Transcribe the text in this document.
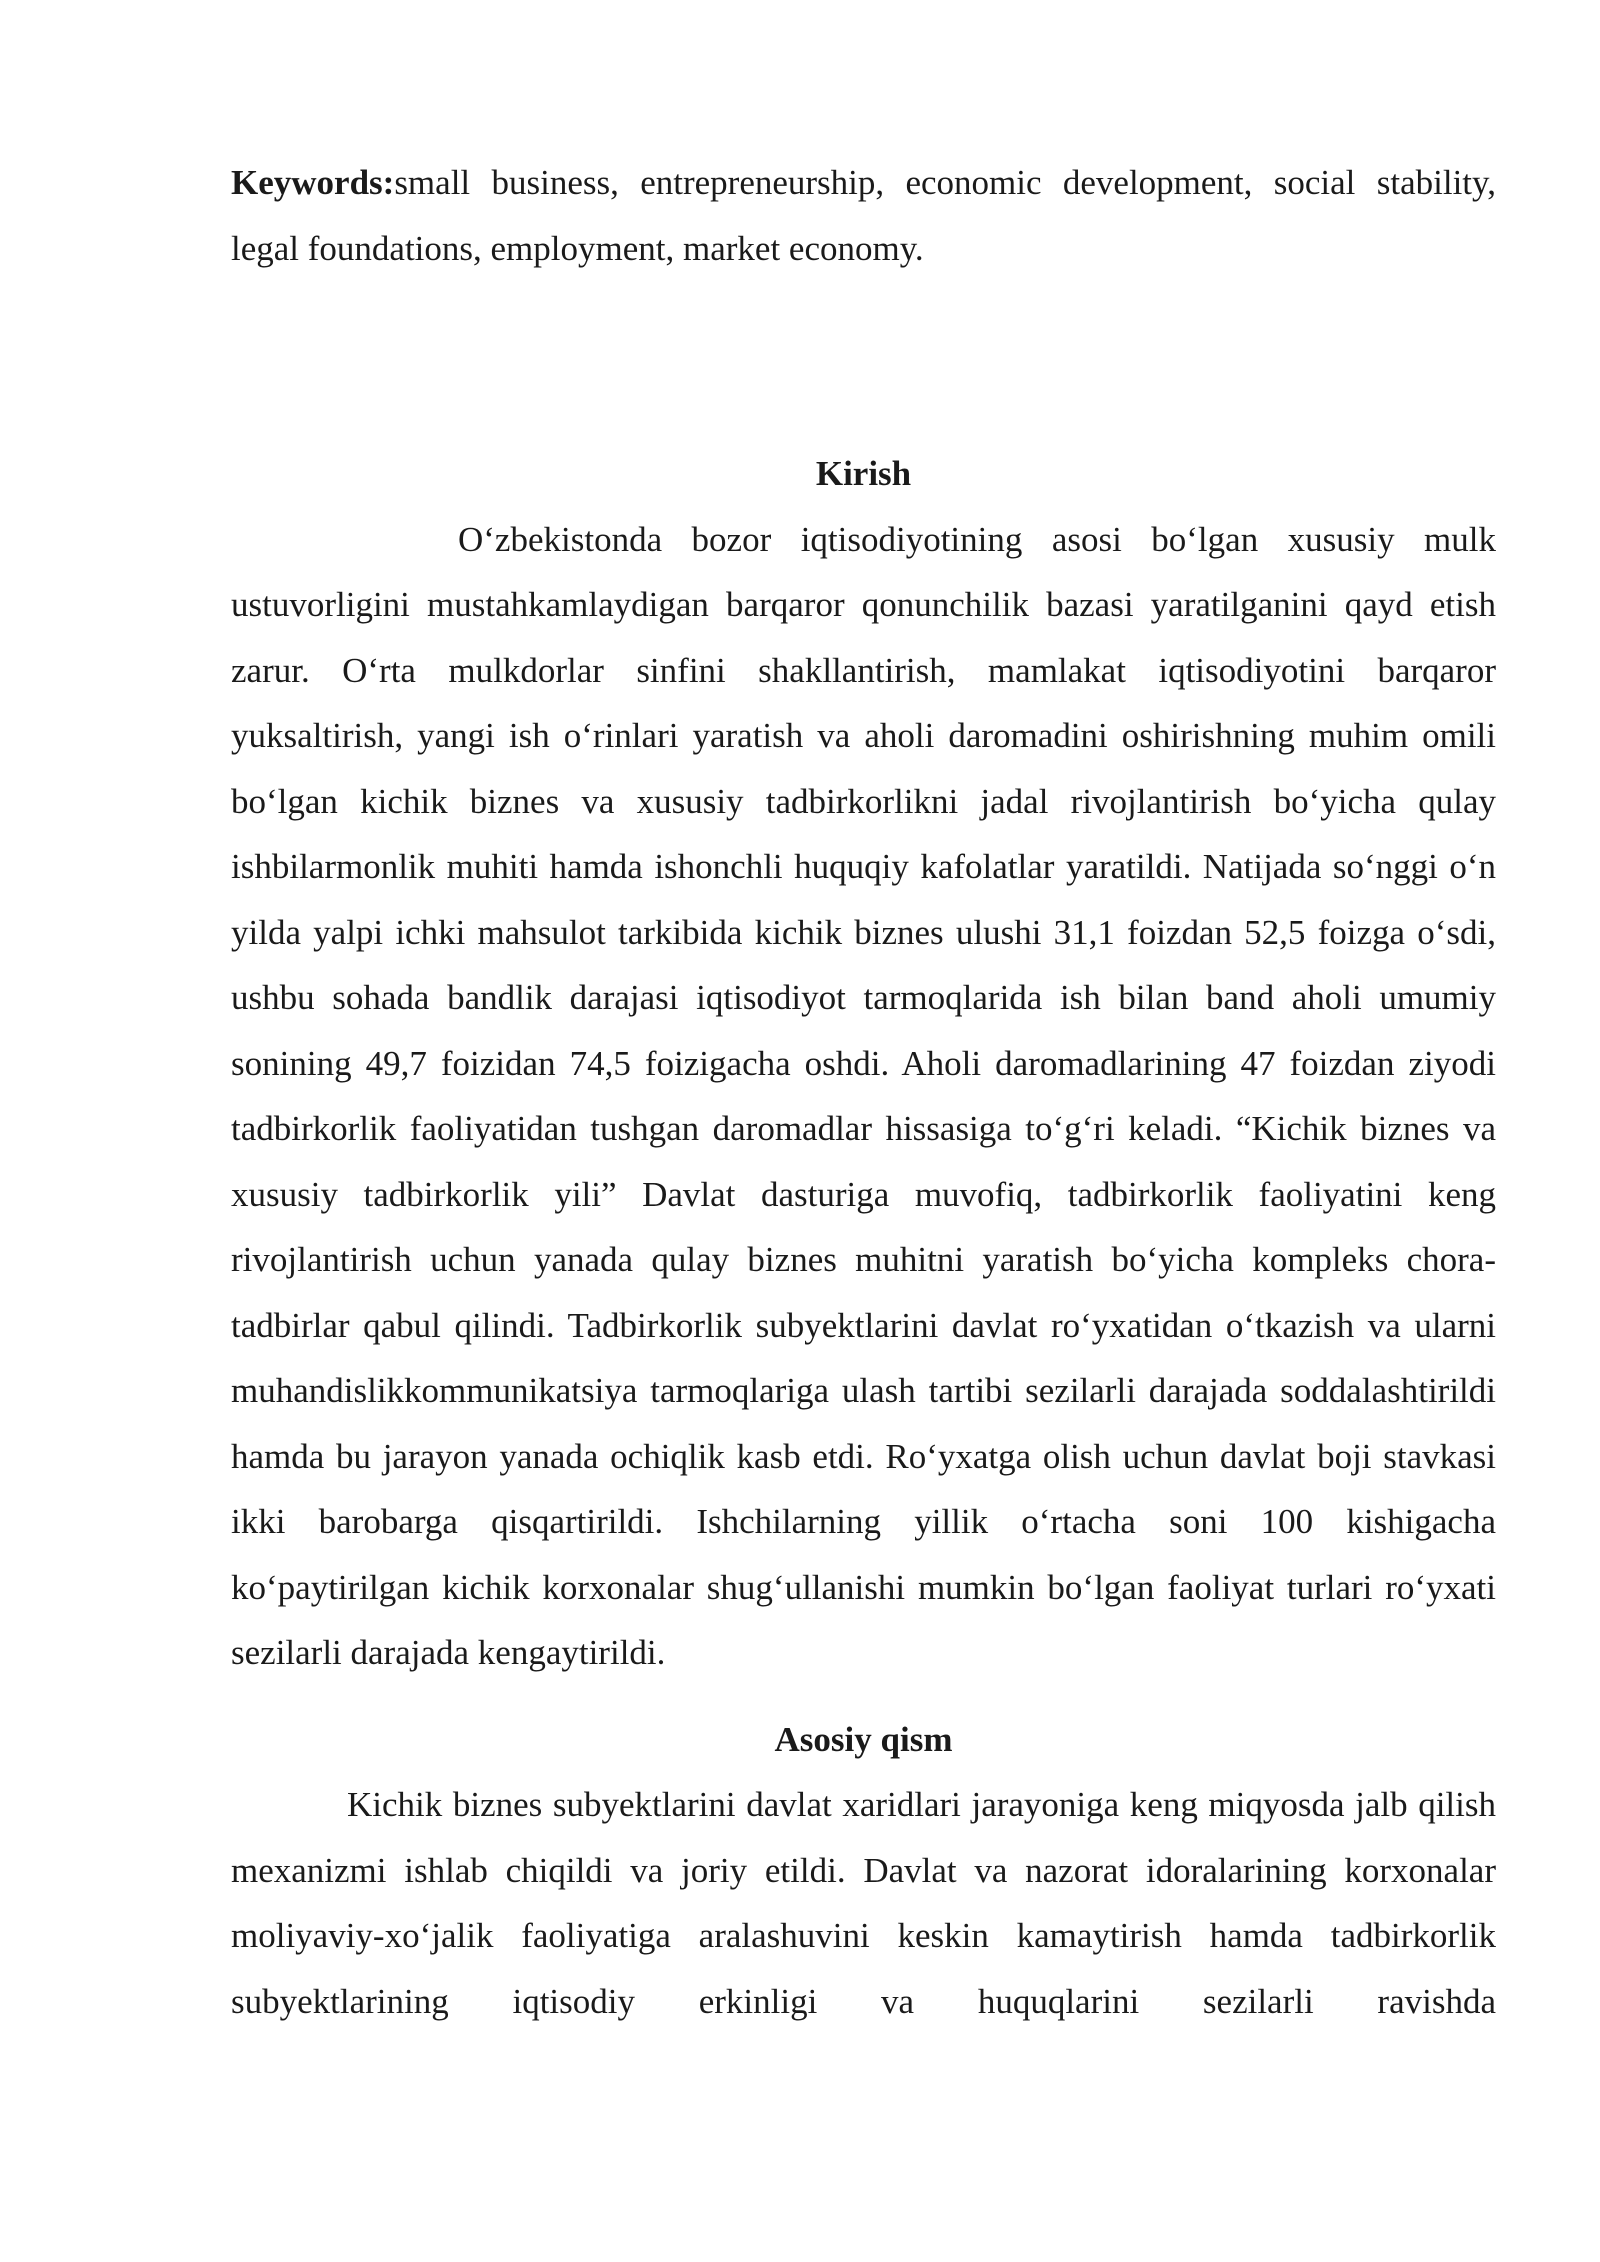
Keywords:small business, entrepreneurship, economic development, social stability, legal foundations, employment, market economy.

Kirish

O‘zbekistonda bozor iqtisodiyotining asosi bo‘lgan xususiy mulk ustuvorligini mustahkamlaydigan barqaror qonunchilik bazasi yaratilganini qayd etish zarur. O‘rta mulkdorlar sinfini shakllantirish, mamlakat iqtisodiyotini barqaror yuksaltirish, yangi ish o‘rinlari yaratish va aholi daromadini oshirishning muhim omili bo‘lgan kichik biznes va xususiy tadbirkorlikni jadal rivojlantirish bo‘yicha qulay ishbilarmonlik muhiti hamda ishonchli huquqiy kafolatlar yaratildi. Natijada so‘nggi o‘n yilda yalpi ichki mahsulot tarkibida kichik biznes ulushi 31,1 foizdan 52,5 foizga o‘sdi, ushbu sohada bandlik darajasi iqtisodiyot tarmoqlarida ish bilan band aholi umumiy sonining 49,7 foizidan 74,5 foizigacha oshdi. Aholi daromadlarining 47 foizdan ziyodi tadbirkorlik faoliyatidan tushgan daromadlar hissasiga to‘g‘ri keladi. “Kichik biznes va xususiy tadbirkorlik yili” Davlat dasturiga muvofiq, tadbirkorlik faoliyatini keng rivojlantirish uchun yanada qulay biznes muhitni yaratish bo‘yicha kompleks chora-tadbirlar qabul qilindi. Tadbirkorlik subyektlarini davlat ro‘yxatidan o‘tkazish va ularni muhandislikkommunikatsiya tarmoqlariga ulash tartibi sezilarli darajada soddalashtirildi hamda bu jarayon yanada ochiqlik kasb etdi. Ro‘yxatga olish uchun davlat boji stavkasi ikki barobarga qisqartirildi. Ishchilarning yillik o‘rtacha soni 100 kishigacha ko‘paytirilgan kichik korxonalar shug‘ullanishi mumkin bo‘lgan faoliyat turlari ro‘yxati sezilarli darajada kengaytirildi.

Asosiy qism

Kichik biznes subyektlarini davlat xaridlari jarayoniga keng miqyosda jalb qilish mexanizmi ishlab chiqildi va joriy etildi. Davlat va nazorat idoralarining korxonalar moliyaviy-xo‘jalik faoliyatiga aralashuvini keskin kamaytirish hamda tadbirkorlik subyektlarining iqtisodiy erkinligi va huquqlarini sezilarli ravishda
